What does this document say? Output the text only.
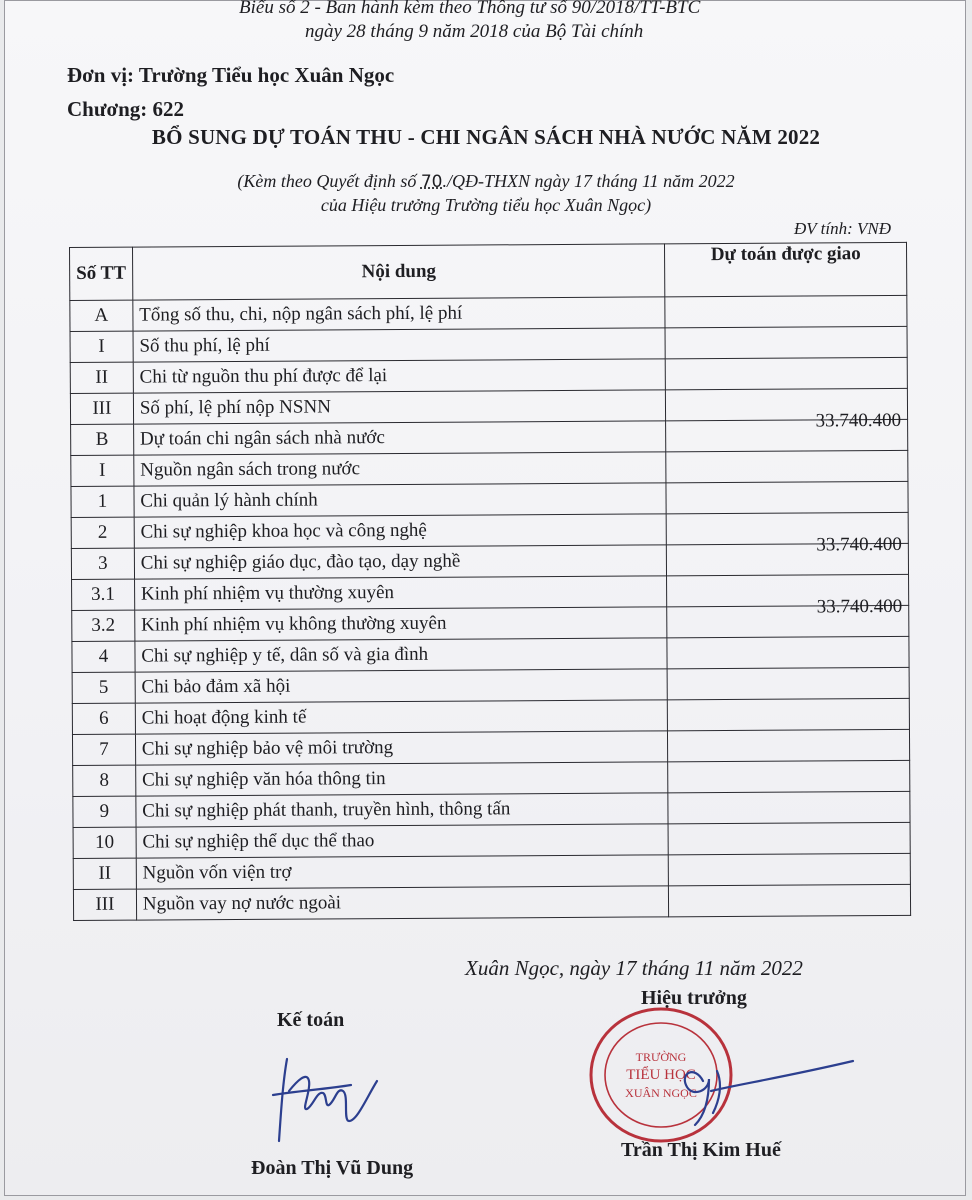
Biểu số 2 - Ban hành kèm theo Thông tư số 90/2018/TT-BTC
ngày 28 tháng 9 năm 2018 của Bộ Tài chính
Đơn vị: Trường Tiểu học Xuân Ngọc
Chương: 622
BỔ SUNG DỰ TOÁN THU - CHI NGÂN SÁCH NHÀ NƯỚC NĂM 2022
(Kèm theo Quyết định số 70./QĐ-THXN ngày 17 tháng 11 năm 2022
của Hiệu trưởng Trường tiểu học Xuân Ngọc)
ĐV tính: VNĐ
Số TT	Nội dung	Dự toán được giao
A	Tổng số thu, chi, nộp ngân sách phí, lệ phí	
I	Số thu phí, lệ phí	
II	Chi từ nguồn thu phí được để lại	
III	Số phí, lệ phí nộp NSNN	
B	Dự toán chi ngân sách nhà nước	33.740.400
I	Nguồn ngân sách trong nước	
1	Chi quản lý hành chính	
2	Chi sự nghiệp khoa học và công nghệ	
3	Chi sự nghiệp giáo dục, đào tạo, dạy nghề	33.740.400
3.1	Kinh phí nhiệm vụ thường xuyên	
3.2	Kinh phí nhiệm vụ không thường xuyên	33.740.400
4	Chi sự nghiệp y tế, dân số và gia đình	
5	Chi bảo đảm xã hội	
6	Chi hoạt động kinh tế	
7	Chi sự nghiệp bảo vệ môi trường	
8	Chi sự nghiệp văn hóa thông tin	
9	Chi sự nghiệp phát thanh, truyền hình, thông tấn	
10	Chi sự nghiệp thể dục thể thao	
II	Nguồn vốn viện trợ	
III	Nguồn vay nợ nước ngoài	
Xuân Ngọc, ngày 17 tháng 11 năm 2022
Kế toán
Hiệu trưởng
TRƯỜNG
TIỂU HỌC
XUÂN NGỌC
Đoàn Thị Vũ Dung
Trần Thị Kim Huế
